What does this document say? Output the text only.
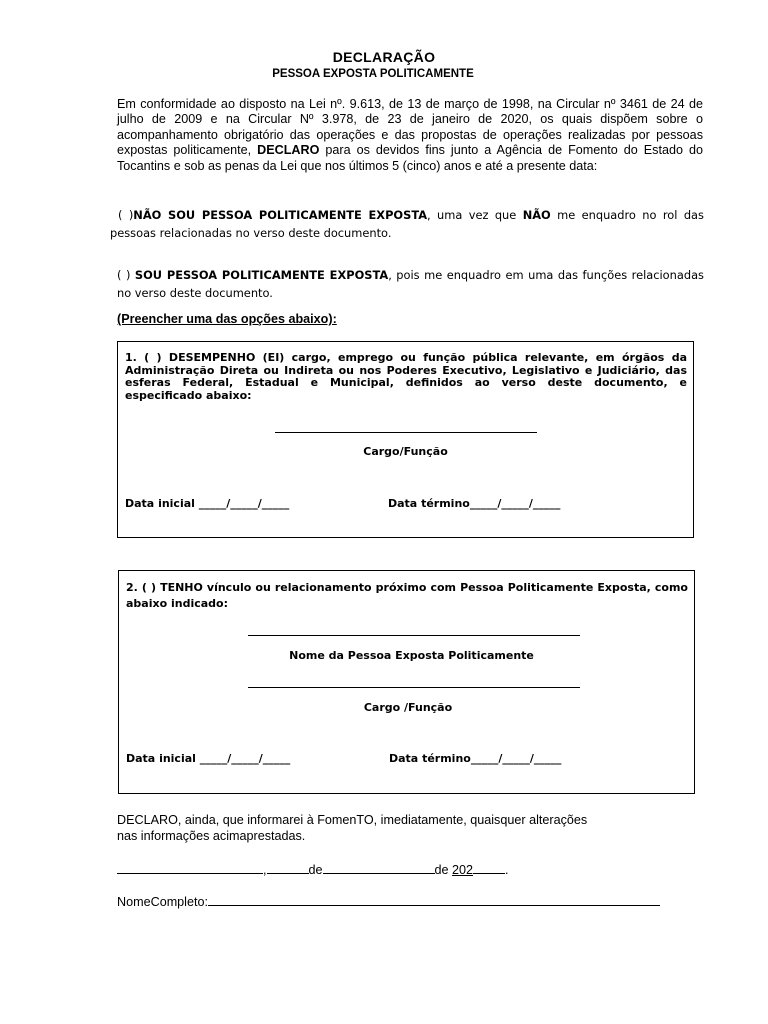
DECLARAÇÃO
PESSOA EXPOSTA POLITICAMENTE
Em conformidade ao disposto na Lei nº. 9.613, de 13 de março de 1998, na Circular nº 3461 de 24 de julho de 2009 e na Circular Nº 3.978, de 23 de janeiro de 2020, os quais dispõem sobre o acompanhamento obrigatório das operações e das propostas de operações realizadas por pessoas expostas politicamente, DECLARO para os devidos fins junto a Agência de Fomento do Estado do Tocantins e sob as penas da Lei que nos últimos 5 (cinco) anos e até a presente data:
( )NÃO SOU PESSOA POLITICAMENTE EXPOSTA, uma vez que NÃO me enquadro no rol das pessoas relacionadas no verso deste documento.
( ) SOU PESSOA POLITICAMENTE EXPOSTA, pois me enquadro em uma das funções relacionadas no verso deste documento.
(Preencher uma das opções abaixo):
1. ( ) DESEMPENHO (EI) cargo, emprego ou função pública relevante, em órgãos da Administração Direta ou Indireta ou nos Poderes Executivo, Legislativo e Judiciário, das esferas Federal, Estadual e Municipal, definidos ao verso deste documento, e especificado abaixo:
Cargo/Função
Data inicial _____/_____/_____	Data término_____/_____/_____
2. ( ) TENHO vínculo ou relacionamento próximo com Pessoa Politicamente Exposta, como abaixo indicado:
Nome da Pessoa Exposta Politicamente
Cargo /Função
Data inicial _____/_____/_____	Data término_____/_____/_____
DECLARO, ainda, que informarei à FomenTO, imediatamente, quaisquer alterações nas informações acimaprestadas.
,	de	de 202	.
NomeCompleto:
